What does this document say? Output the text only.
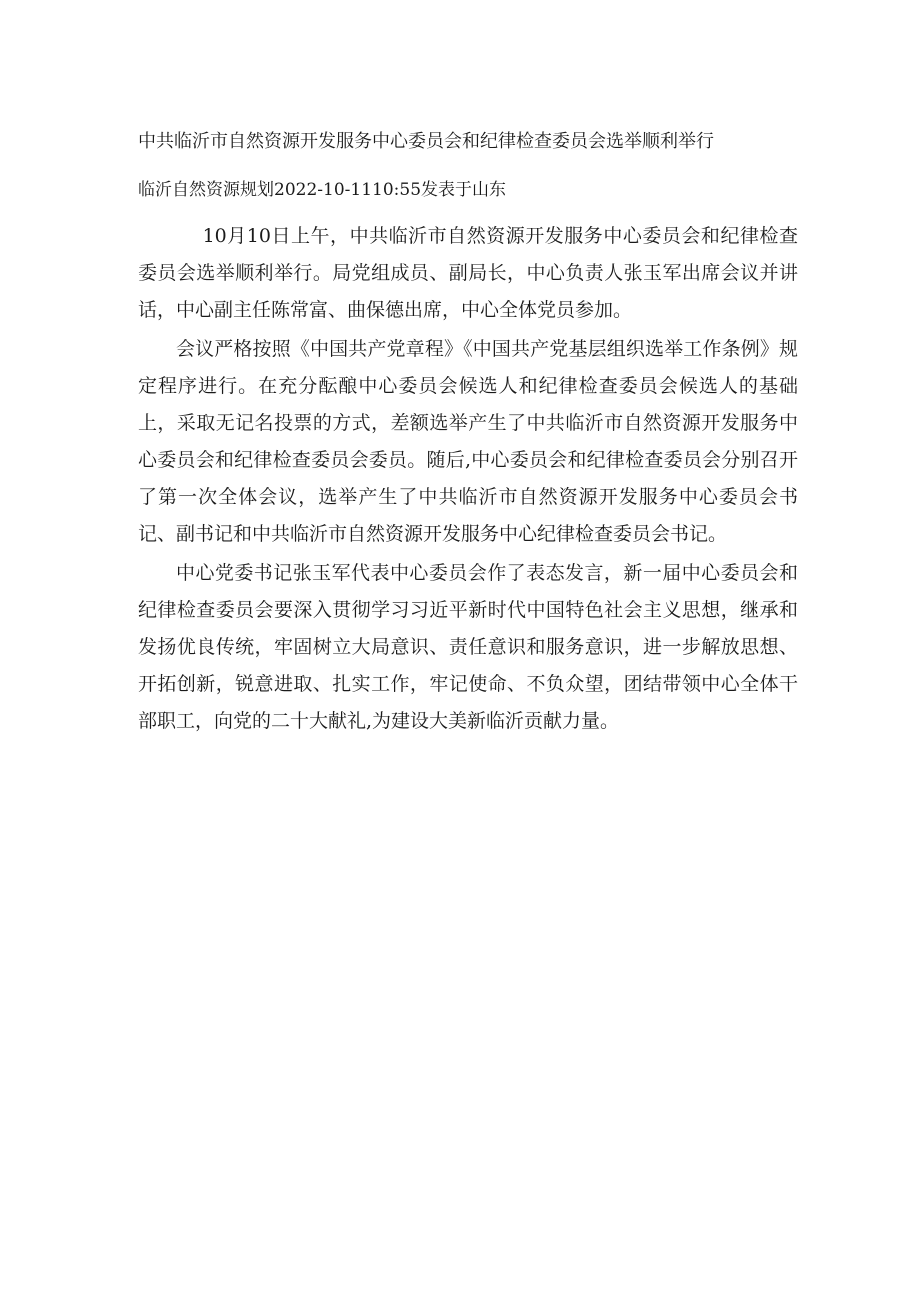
中共临沂市自然资源开发服务中心委员会和纪律检查委员会选举顺利举行

临沂自然资源规划2022-10-1110:55发表于山东

10月10日上午，中共临沂市自然资源开发服务中心委员会和纪律检查委员会选举顺利举行。局党组成员、副局长，中心负责人张玉军出席会议并讲话，中心副主任陈常富、曲保德出席，中心全体党员参加。

会议严格按照《中国共产党章程》《中国共产党基层组织选举工作条例》规定程序进行。在充分酝酿中心委员会候选人和纪律检查委员会候选人的基础上，采取无记名投票的方式，差额选举产生了中共临沂市自然资源开发服务中心委员会和纪律检查委员会委员。随后,中心委员会和纪律检查委员会分别召开了第一次全体会议，选举产生了中共临沂市自然资源开发服务中心委员会书记、副书记和中共临沂市自然资源开发服务中心纪律检查委员会书记。

中心党委书记张玉军代表中心委员会作了表态发言，新一届中心委员会和纪律检查委员会要深入贯彻学习习近平新时代中国特色社会主义思想，继承和发扬优良传统，牢固树立大局意识、责任意识和服务意识，进一步解放思想、开拓创新，锐意进取、扎实工作，牢记使命、不负众望，团结带领中心全体干部职工，向党的二十大献礼,为建设大美新临沂贡献力量。
